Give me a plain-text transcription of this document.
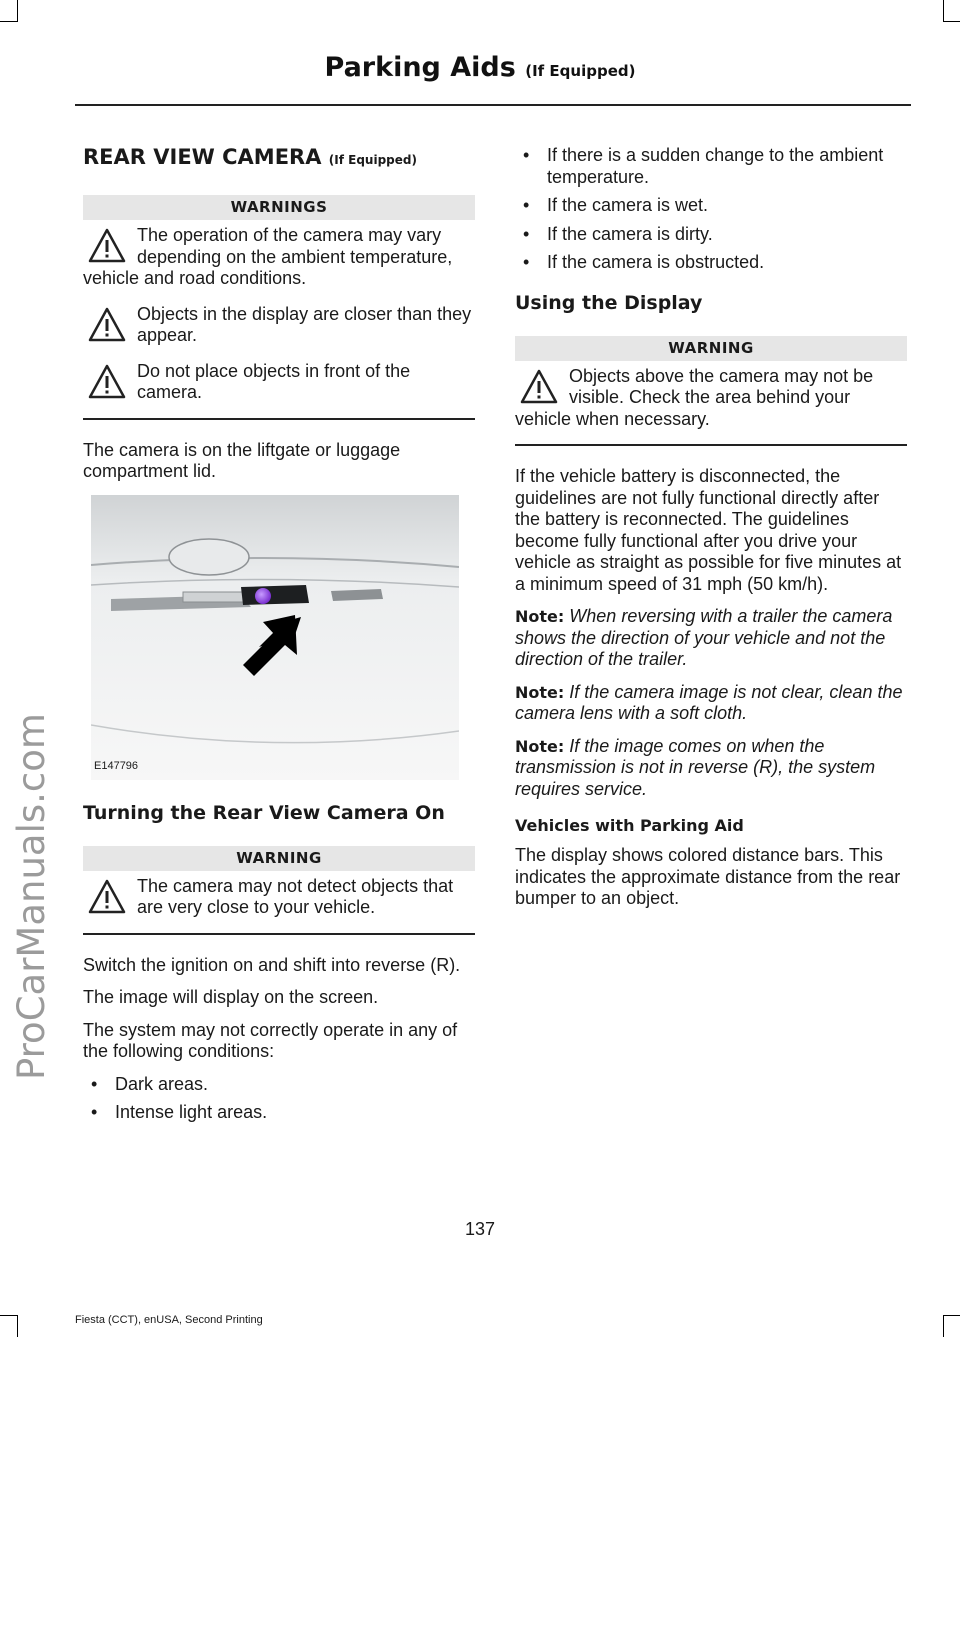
ProCarManuals.com
Parking Aids (If Equipped)
REAR VIEW CAMERA (If Equipped)
WARNINGS
The operation of the camera may vary depending on the ambient temperature, vehicle and road conditions.
Objects in the display are closer than they appear.
Do not place objects in front of the camera.

The camera is on the liftgate or luggage compartment lid.

E147796
Turning the Rear View Camera On
WARNING
The camera may not detect objects that are very close to your vehicle.

Switch the ignition on and shift into reverse (R).

The image will display on the screen.

The system may not correctly operate in any of the following conditions:

• Dark areas.
• Intense light areas.
• If there is a sudden change to the ambient temperature.
• If the camera is wet.
• If the camera is dirty.
• If the camera is obstructed.
Using the Display
WARNING
Objects above the camera may not be visible. Check the area behind your vehicle when necessary.

If the vehicle battery is disconnected, the guidelines are not fully functional directly after the battery is reconnected. The guidelines become fully functional after you drive your vehicle as straight as possible for five minutes at a minimum speed of 31 mph (50 km/h).

Note: When reversing with a trailer the camera shows the direction of your vehicle and not the direction of the trailer.

Note: If the camera image is not clear, clean the camera lens with a soft cloth.

Note: If the image comes on when the transmission is not in reverse (R), the system requires service.

Vehicles with Parking Aid

The display shows colored distance bars. This indicates the approximate distance from the rear bumper to an object.

137
Fiesta (CCT), enUSA, Second Printing
